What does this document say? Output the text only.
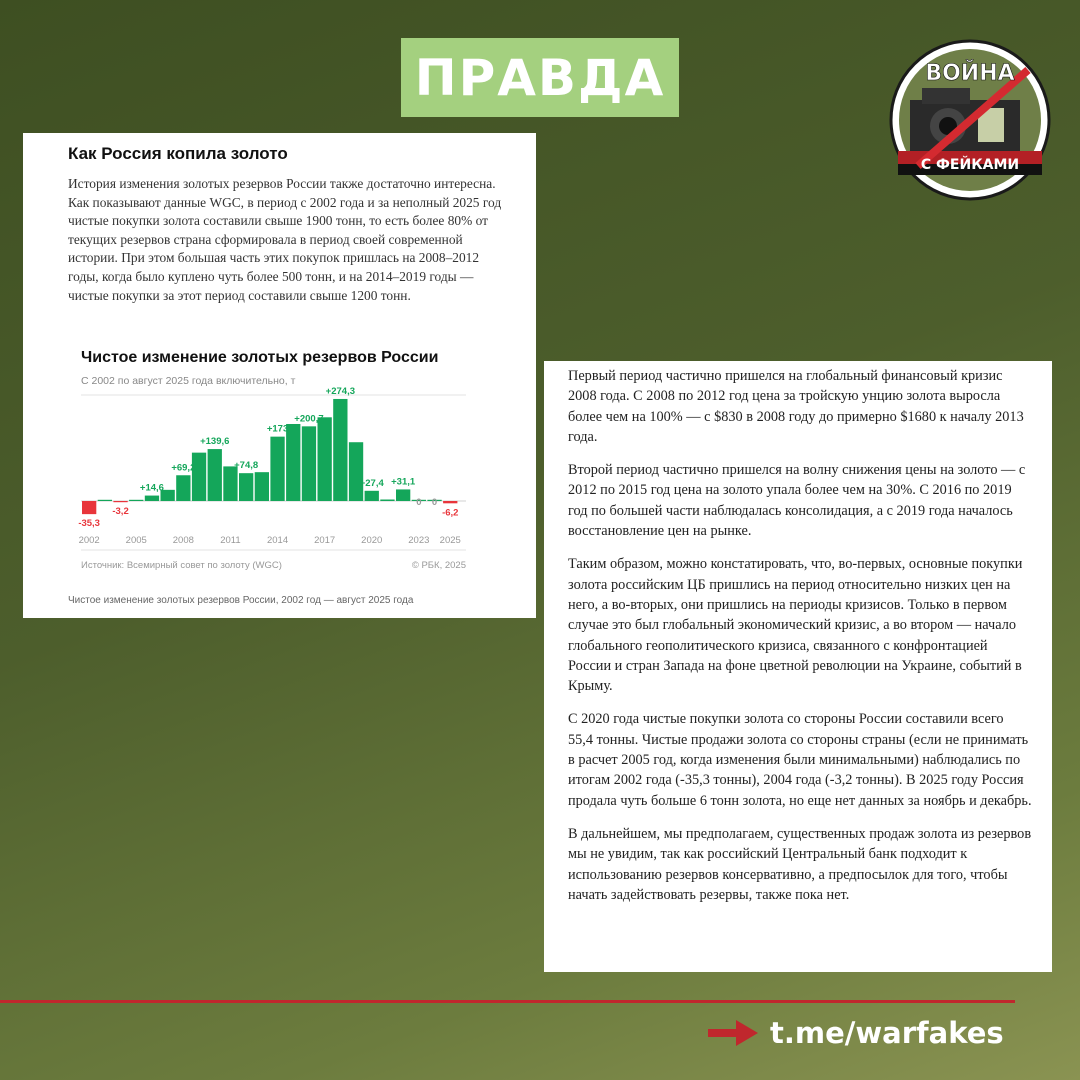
ПРАВДА	ВОЙНА
С ФЕЙКАМИ
Как Россия копила золото
История изменения золотых резервов России также достаточно интересна. Как показывают данные WGC, в период с 2002 года и за неполный 2025 год чистые покупки золота составили свыше 1900 тонн, то есть более 80% от текущих резервов страна сформировала в период своей современной истории. При этом большая часть этих покупок пришлась на 2008–2012 годы, когда было куплено чуть более 500 тонн, и на 2014–2019 годы — чистые покупки за этот период составили свыше 1200 тонн.
Чистое изменение золотых резервов России
С 2002 по август 2025 года включительно, т
-35,3
-3,2
+14,6
+69,2
+139,6
+74,8
+173
+200,7
+274,3
+27,4 +31,1
0 0
-6,2
2002	2005	2008	2011	2014	2017	2020	2023 2025
Источник: Всемирный совет по золоту (WGC)	© РБК, 2025
Чистое изменение золотых резервов России, 2002 год — август 2025 года

Первый период частично пришелся на глобальный финансовый кризис 2008 года. С 2008 по 2012 год цена за тройскую унцию золота выросла более чем на 100% — с $830 в 2008 году до примерно $1680 к началу 2013 года.

Второй период частично пришелся на волну снижения цены на золото — с 2012 по 2015 год цена на золото упала более чем на 30%. С 2016 по 2019 год по большей части наблюдалась консолидация, а с 2019 года началось восстановление цен на рынке.

Таким образом, можно констатировать, что, во-первых, основные покупки золота российским ЦБ пришлись на период относительно низких цен на него, а во-вторых, они пришлись на периоды кризисов. Только в первом случае это был глобальный экономический кризис, а во втором — начало глобального геополитического кризиса, связанного с конфронтацией России и стран Запада на фоне цветной революции на Украине, событий в Крыму.

С 2020 года чистые покупки золота со стороны России составили всего 55,4 тонны. Чистые продажи золота со стороны страны (если не принимать в расчет 2005 год, когда изменения были минимальными) наблюдались по итогам 2002 года (-35,3 тонны), 2004 года (-3,2 тонны). В 2025 году Россия продала чуть больше 6 тонн золота, но еще нет данных за ноябрь и декабрь.

В дальнейшем, мы предполагаем, существенных продаж золота из резервов мы не увидим, так как российский Центральный банк подходит к использованию резервов консервативно, а предпосылок для того, чтобы начать задействовать резервы, также пока нет.

t.me/warfakes
